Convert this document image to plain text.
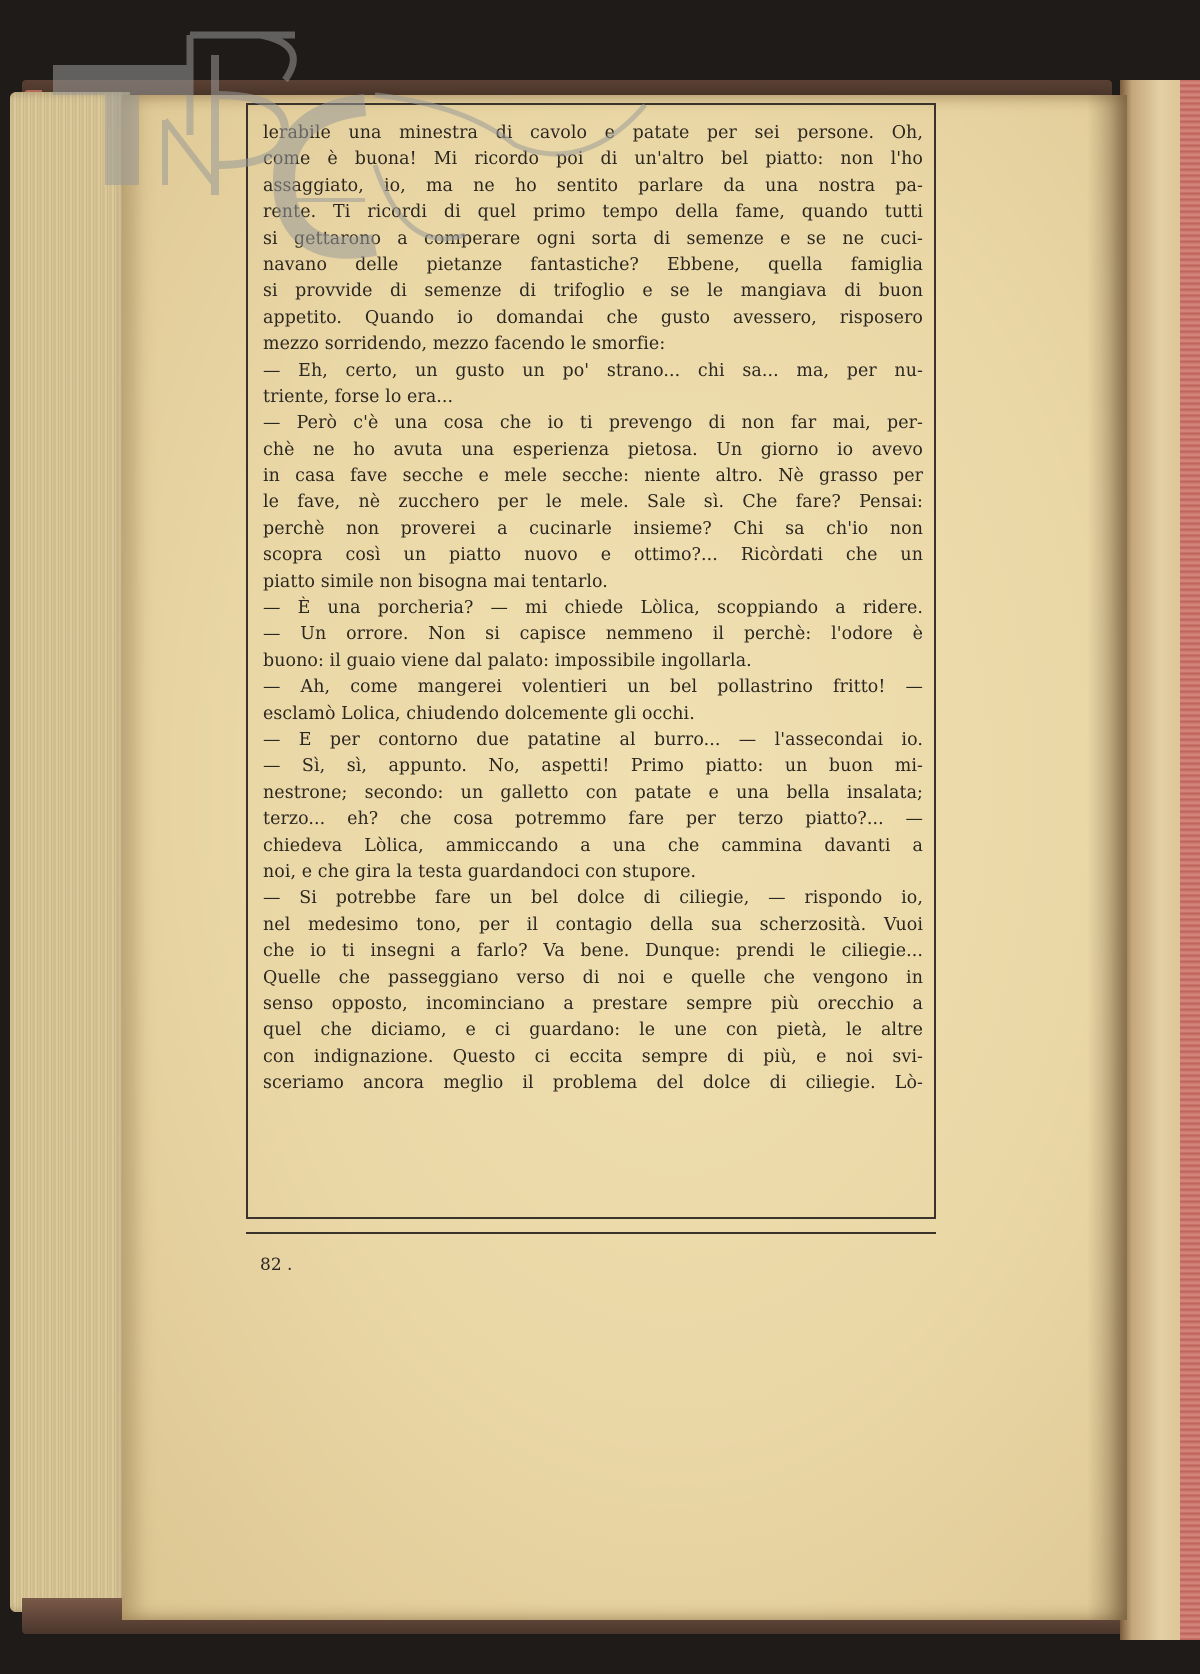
lerabile una minestra di cavolo e patate per sei persone. Oh,
come è buona! Mi ricordo poi di un'altro bel piatto: non l'ho
assaggiato, io, ma ne ho sentito parlare da una nostra pa-
rente. Ti ricordi di quel primo tempo della fame, quando tutti
si gettarono a comperare ogni sorta di semenze e se ne cuci-
navano delle pietanze fantastiche? Ebbene, quella famiglia
si provvide di semenze di trifoglio e se le mangiava di buon
appetito. Quando io domandai che gusto avessero, risposero
mezzo sorridendo, mezzo facendo le smorfie:
— Eh, certo, un gusto un po' strano... chi sa... ma, per nu-
triente, forse lo era...
— Però c'è una cosa che io ti prevengo di non far mai, per-
chè ne ho avuta una esperienza pietosa. Un giorno io avevo
in casa fave secche e mele secche: niente altro. Nè grasso per
le fave, nè zucchero per le mele. Sale sì. Che fare? Pensai:
perchè non proverei a cucinarle insieme? Chi sa ch'io non
scopra così un piatto nuovo e ottimo?... Ricòrdati che un
piatto simile non bisogna mai tentarlo.
— È una porcheria? — mi chiede Lòlica, scoppiando a ridere.
— Un orrore. Non si capisce nemmeno il perchè: l'odore è
buono: il guaio viene dal palato: impossibile ingollarla.
— Ah, come mangerei volentieri un bel pollastrino fritto! —
esclamò Lolica, chiudendo dolcemente gli occhi.
— E per contorno due patatine al burro... — l'assecondai io.
— Sì, sì, appunto. No, aspetti! Primo piatto: un buon mi-
nestrone; secondo: un galletto con patate e una bella insalata;
terzo... eh? che cosa potremmo fare per terzo piatto?... —
chiedeva Lòlica, ammiccando a una che cammina davanti a
noi, e che gira la testa guardandoci con stupore.
— Si potrebbe fare un bel dolce di ciliegie, — rispondo io,
nel medesimo tono, per il contagio della sua scherzosità. Vuoi
che io ti insegni a farlo? Va bene. Dunque: prendi le ciliegie...
Quelle che passeggiano verso di noi e quelle che vengono in
senso opposto, incominciano a prestare sempre più orecchio a
quel che diciamo, e ci guardano: le une con pietà, le altre
con indignazione. Questo ci eccita sempre di più, e noi svi-
sceriamo ancora meglio il problema del dolce di ciliegie. Lò-
82 .
